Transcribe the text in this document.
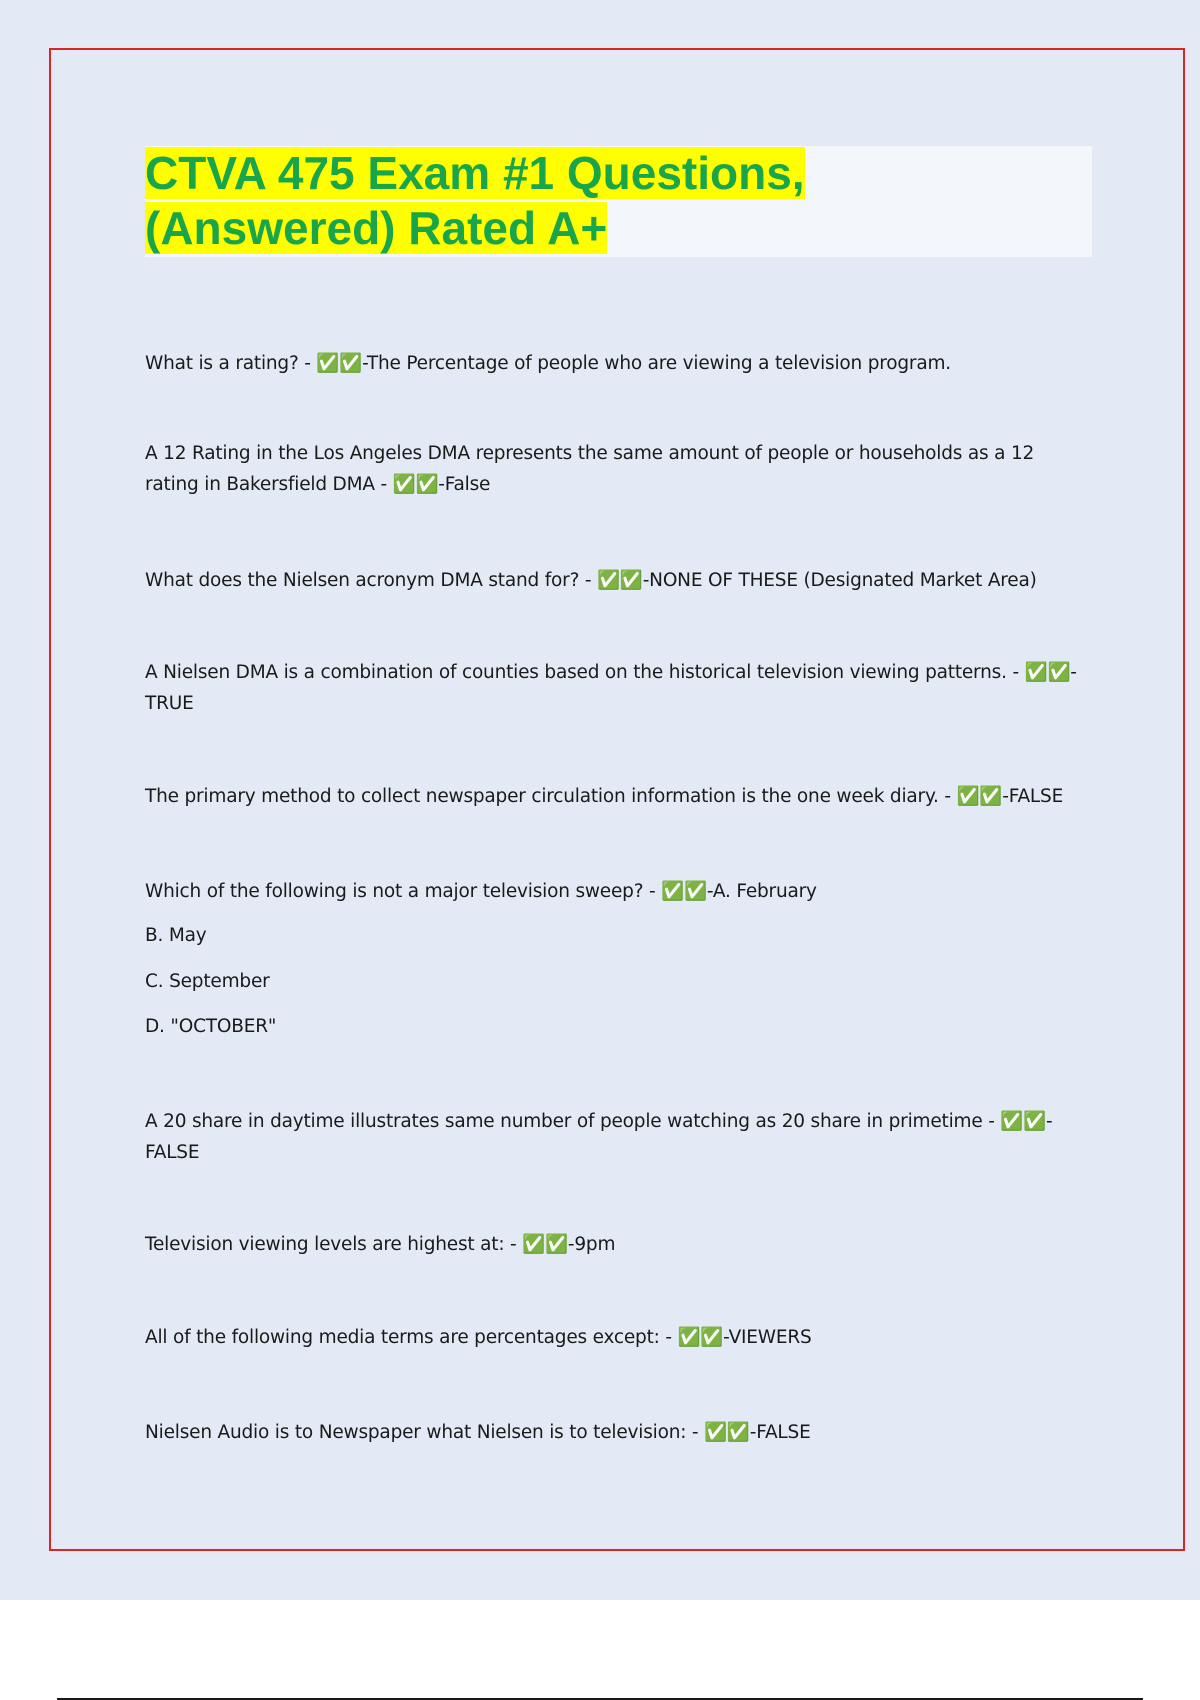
CTVA 475 Exam #1 Questions,
(Answered) Rated A+

What is a rating? - ✅✅-The Percentage of people who are viewing a television program.

A 12 Rating in the Los Angeles DMA represents the same amount of people or households as a 12 rating in Bakersfield DMA - ✅✅-False

What does the Nielsen acronym DMA stand for? - ✅✅-NONE OF THESE (Designated Market Area)

A Nielsen DMA is a combination of counties based on the historical television viewing patterns. - ✅✅-TRUE

The primary method to collect newspaper circulation information is the one week diary. - ✅✅-FALSE

Which of the following is not a major television sweep? - ✅✅-A. February

B. May

C. September

D. "OCTOBER"

A 20 share in daytime illustrates same number of people watching as 20 share in primetime - ✅✅-FALSE

Television viewing levels are highest at: - ✅✅-9pm

All of the following media terms are percentages except: - ✅✅-VIEWERS

Nielsen Audio is to Newspaper what Nielsen is to television: - ✅✅-FALSE
